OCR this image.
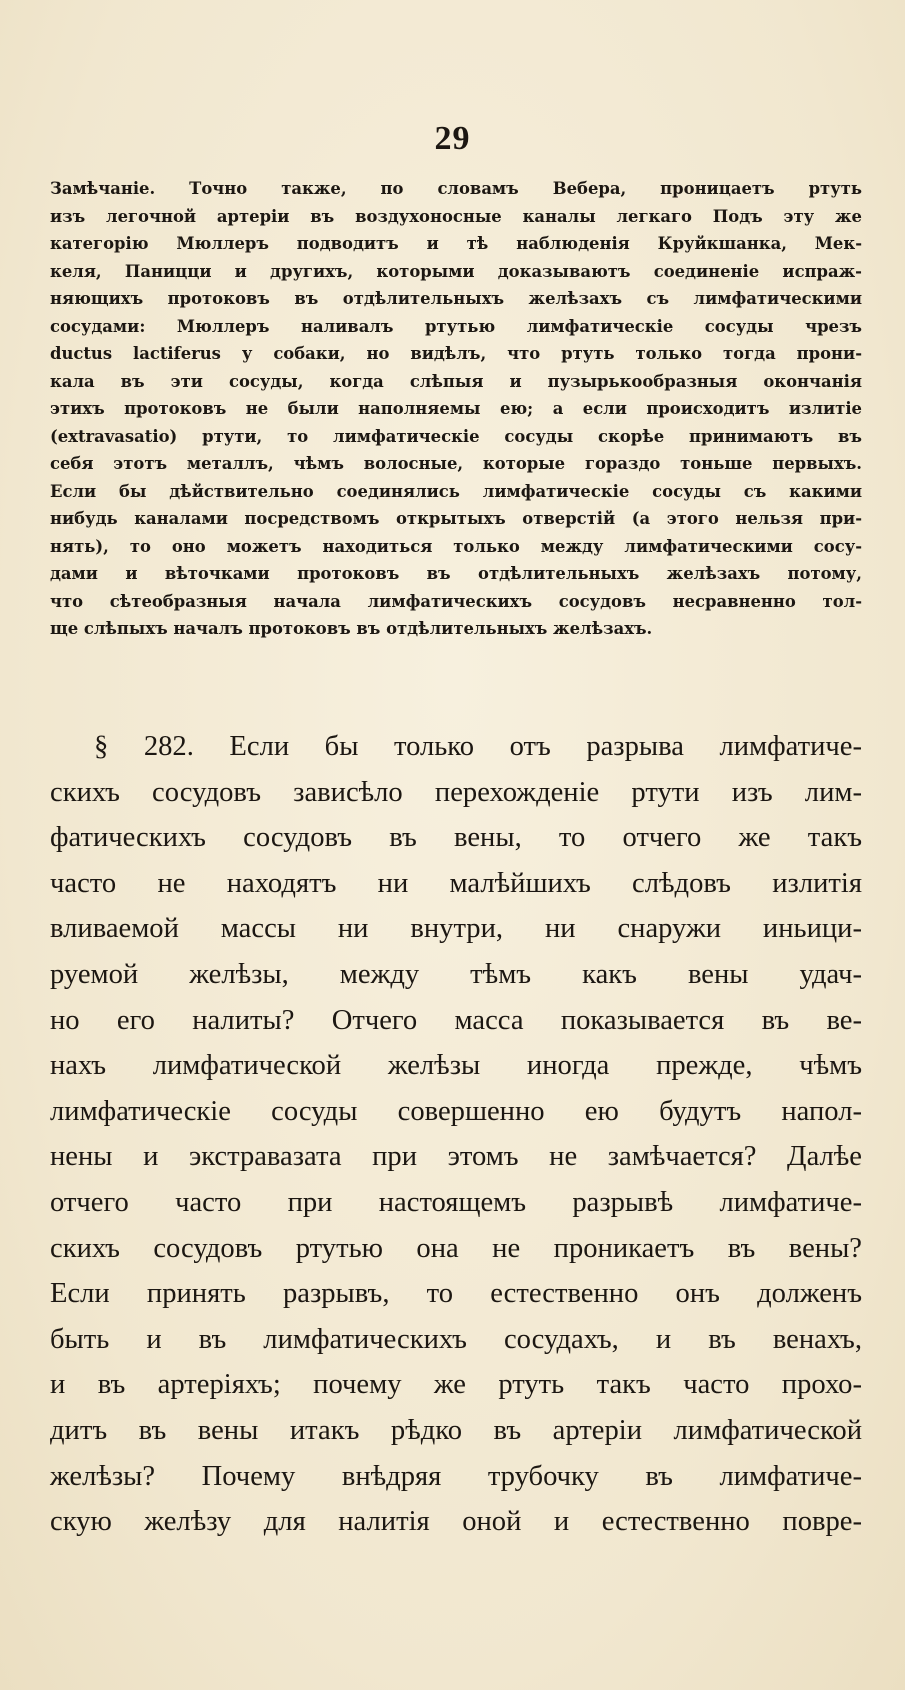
29
Замѣчаніе. Точно также, по словамъ Вебера, проницаетъ ртуть
изъ легочной артеріи въ воздухоносные каналы легкаго Подъ эту же
категорію Мюллеръ подводитъ и тѣ наблюденія Круйкшанка, Мек-
келя, Паницци и другихъ, которыми доказываютъ соединеніе испраж-
няющихъ протоковъ въ отдѣлительныхъ желѣзахъ съ лимфатическими
сосудами: Мюллеръ наливалъ ртутью лимфатическіе сосуды чрезъ
ductus lactiferus у собаки, но видѣлъ, что ртуть только тогда прони-
кала въ эти сосуды, когда слѣпыя и пузырькообразныя окончанія
этихъ протоковъ не были наполняемы ею; а если происходитъ излитіе
(extravasatio) ртути, то лимфатическіе сосуды скорѣе принимаютъ въ
себя этотъ металлъ, чѣмъ волосные, которые гораздо тоньше первыхъ.
Если бы дѣйствительно соединялись лимфатическіе сосуды съ какими
нибудь каналами посредствомъ открытыхъ отверстій (а этого нельзя при-
нять), то оно можетъ находиться только между лимфатическими сосу-
дами и вѣточками протоковъ въ отдѣлительныхъ желѣзахъ потому,
что сѣтеобразныя начала лимфатическихъ сосудовъ несравненно тол-
ще слѣпыхъ началъ протоковъ въ отдѣлительныхъ желѣзахъ.
§ 282. Если бы только отъ разрыва лимфатиче-
скихъ сосудовъ зависѣло перехожденіе ртути изъ лим-
фатическихъ сосудовъ въ вены, то отчего же такъ
часто не находятъ ни малѣйшихъ слѣдовъ излитія
вливаемой массы ни внутри, ни снаружи иньици-
руемой желѣзы, между тѣмъ какъ вены удач-
но его налиты? Отчего масса показывается въ ве-
нахъ лимфатической желѣзы иногда прежде, чѣмъ
лимфатическіе сосуды совершенно ею будутъ напол-
нены и экстравазата при этомъ не замѣчается? Далѣе
отчего часто при настоящемъ разрывѣ лимфатиче-
скихъ сосудовъ ртутью она не проникаетъ въ вены?
Если принять разрывъ, то естественно онъ долженъ
быть и въ лимфатическихъ сосудахъ, и въ венахъ,
и въ артеріяхъ; почему же ртуть такъ часто прохо-
дитъ въ вены итакъ рѣдко въ артеріи лимфатической
желѣзы? Почему внѣдряя трубочку въ лимфатиче-
скую желѣзу для налитія оной и естественно повре-
